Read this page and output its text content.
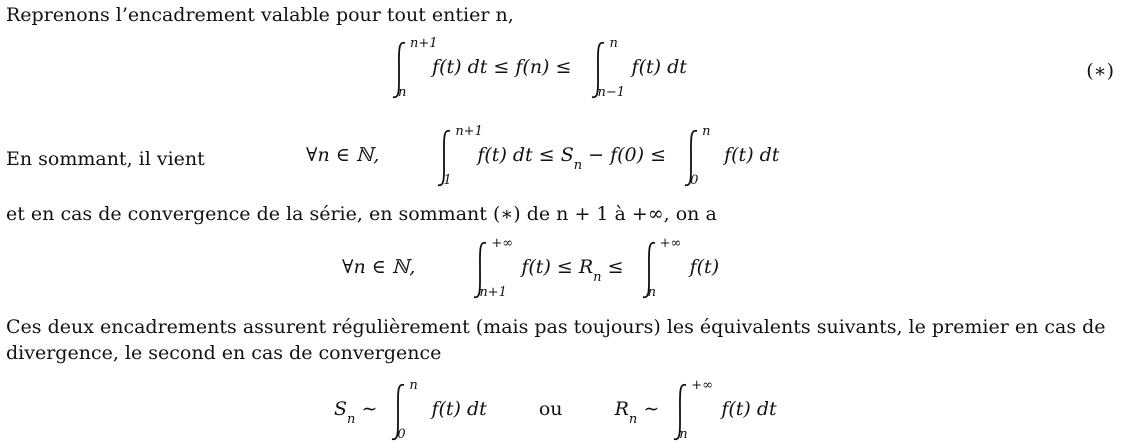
Reprenons l’encadrement valable pour tout entier n,
n+1
n
f(t) dt ≤ f(n) ≤
n
n−1
f(t) dt	(∗)
En sommant, il vient	∀n ∈ ℕ,
n+1
1
f(t) dt ≤ $S_n - f(0)$ ≤
n
0
f(t) dt
et en cas de convergence de la série, en sommant (∗) de n + 1 à +∞, on a
∀n ∈ ℕ,
+∞
n+1
$f(t) \le R_n$ ≤
+∞
n
f(t)
Ces deux encadrements assurent régulièrement (mais pas toujours) les équivalents suivants, le premier en cas de
divergence, le second en cas de convergence
$S_n$ ∼
n
0
f(t) dt	ou	$R_n$ ∼
+∞
n
f(t) dt
